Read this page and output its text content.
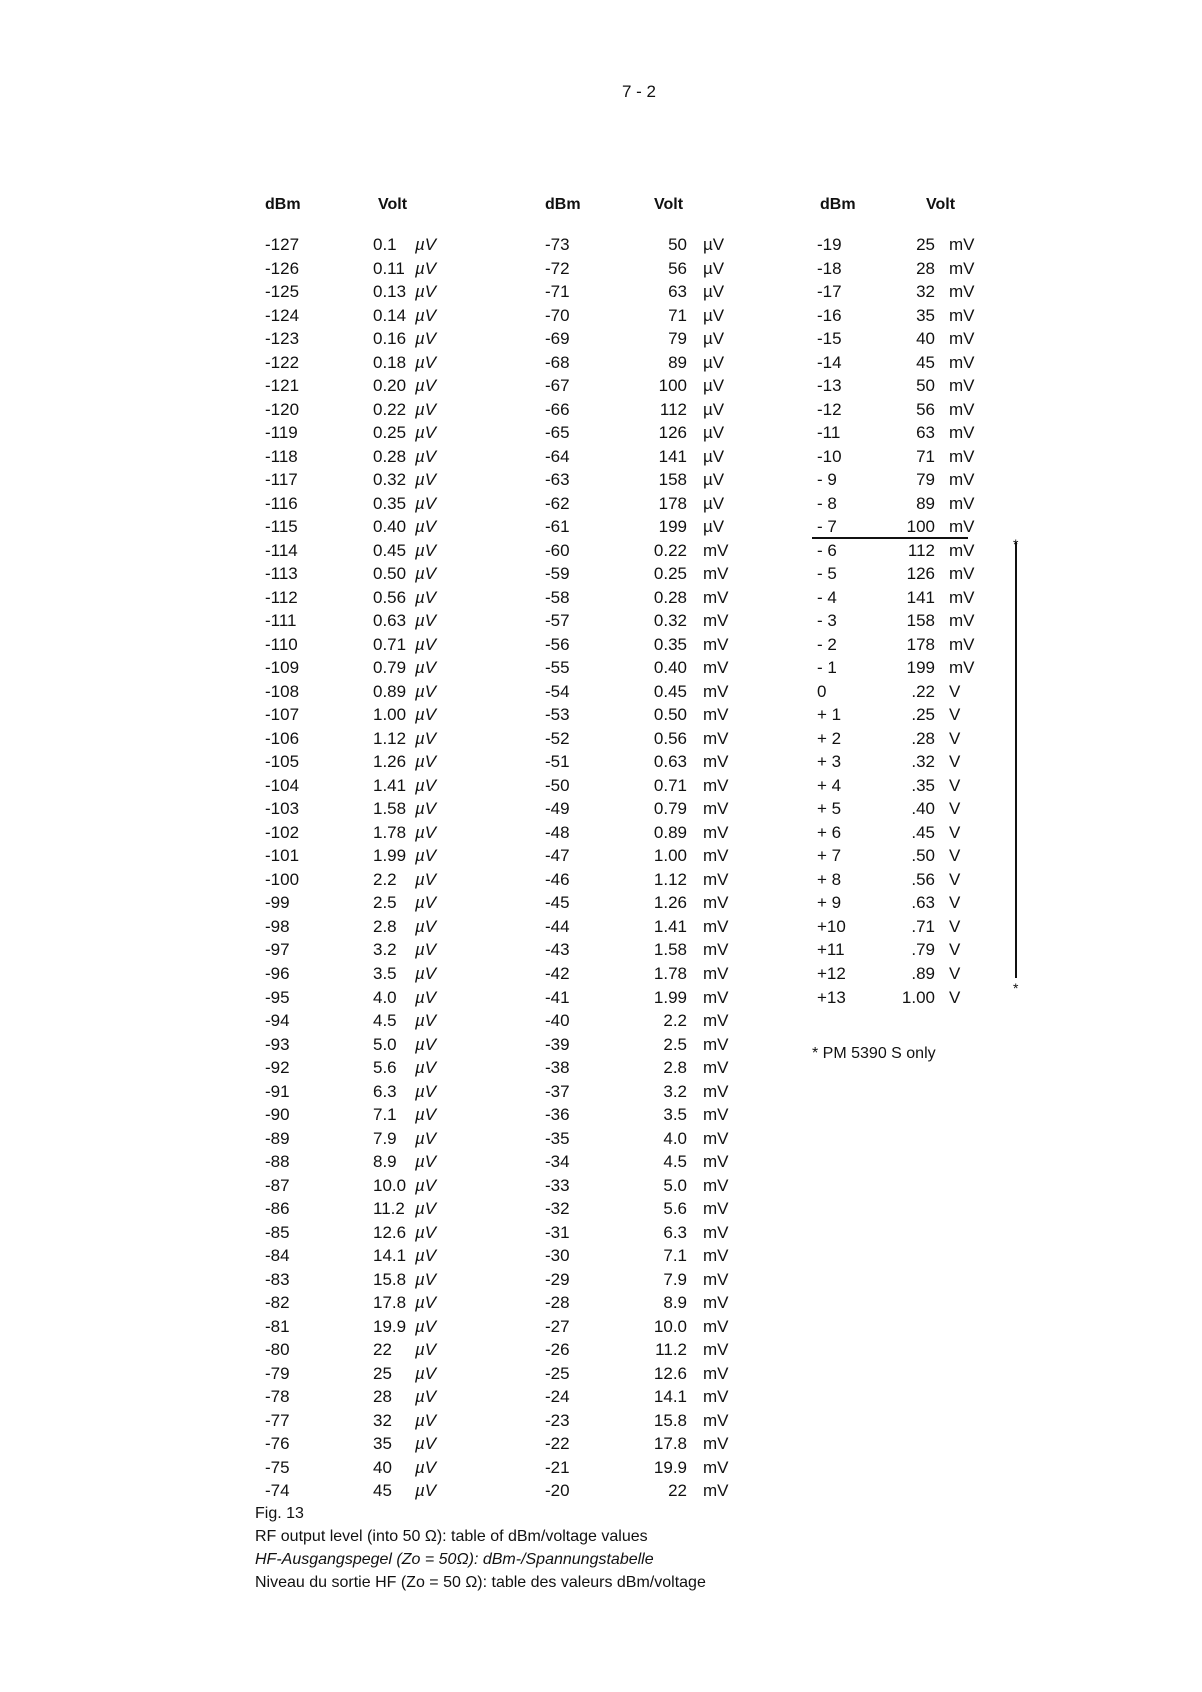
7 - 2
dBm	Volt	dBm	Volt	dBm	Volt
-127	0.1 µV
-126	0.11 µV
-125	0.13 µV
-124	0.14 µV
-123	0.16 µV
-122	0.18 µV
-121	0.20 µV
-120	0.22 µV
-119	0.25 µV
-118	0.28 µV
-117	0.32 µV
-116	0.35 µV
-115	0.40 µV
-114	0.45 µV
-113	0.50 µV
-112	0.56 µV
-111	0.63 µV
-110	0.71 µV
-109	0.79 µV
-108	0.89 µV
-107	1.00 µV
-106	1.12 µV
-105	1.26 µV
-104	1.41 µV
-103	1.58 µV
-102	1.78 µV
-101	1.99 µV
-100	2.2 µV
-99	2.5 µV
-98	2.8 µV
-97	3.2 µV
-96	3.5 µV
-95	4.0 µV
-94	4.5 µV
-93	5.0 µV
-92	5.6 µV
-91	6.3 µV
-90	7.1 µV
-89	7.9 µV
-88	8.9 µV
-87	10.0 µV
-86	11.2 µV
-85	12.6 µV
-84	14.1 µV
-83	15.8 µV
-82	17.8 µV
-81	19.9 µV
-80	22 µV
-79	25 µV
-78	28 µV
-77	32 µV
-76	35 µV
-75	40 µV
-74	45 µV
-73	50 µV
-72	56 µV
-71	63 µV
-70	71 µV
-69	79 µV
-68	89 µV
-67	100 µV
-66	112 µV
-65	126 µV
-64	141 µV
-63	158 µV
-62	178 µV
-61	199 µV
-60	0.22 mV
-59	0.25 mV
-58	0.28 mV
-57	0.32 mV
-56	0.35 mV
-55	0.40 mV
-54	0.45 mV
-53	0.50 mV
-52	0.56 mV
-51	0.63 mV
-50	0.71 mV
-49	0.79 mV
-48	0.89 mV
-47	1.00 mV
-46	1.12 mV
-45	1.26 mV
-44	1.41 mV
-43	1.58 mV
-42	1.78 mV
-41	1.99 mV
-40	2.2 mV
-39	2.5 mV
-38	2.8 mV
-37	3.2 mV
-36	3.5 mV
-35	4.0 mV
-34	4.5 mV
-33	5.0 mV
-32	5.6 mV
-31	6.3 mV
-30	7.1 mV
-29	7.9 mV
-28	8.9 mV
-27	10.0 mV
-26	11.2 mV
-25	12.6 mV
-24	14.1 mV
-23	15.8 mV
-22	17.8 mV
-21	19.9 mV
-20	22 mV
-19	25 mV
-18	28 mV
-17	32 mV
-16	35 mV
-15	40 mV
-14	45 mV
-13	50 mV
-12	56 mV
-11	63 mV
-10	71 mV
- 9	79 mV
- 8	89 mV
- 7	100 mV
- 6	112 mV
- 5	126 mV
- 4	141 mV
- 3	158 mV
- 2	178 mV
- 1	199 mV
0	.22 V
+ 1	.25 V
+ 2	.28 V
+ 3	.32 V
+ 4	.35 V
+ 5	.40 V
+ 6	.45 V
+ 7	.50 V
+ 8	.56 V
+ 9	.63 V
+10	.71 V
+11	.79 V
+12	.89 V
+13	1.00 V
*
*
* PM 5390 S only
Fig. 13
RF output level (into 50 Ω): table of dBm/voltage values
HF-Ausgangspegel (Zo = 50Ω): dBm-/Spannungstabelle
Niveau du sortie HF (Zo = 50 Ω): table des valeurs dBm/voltage
